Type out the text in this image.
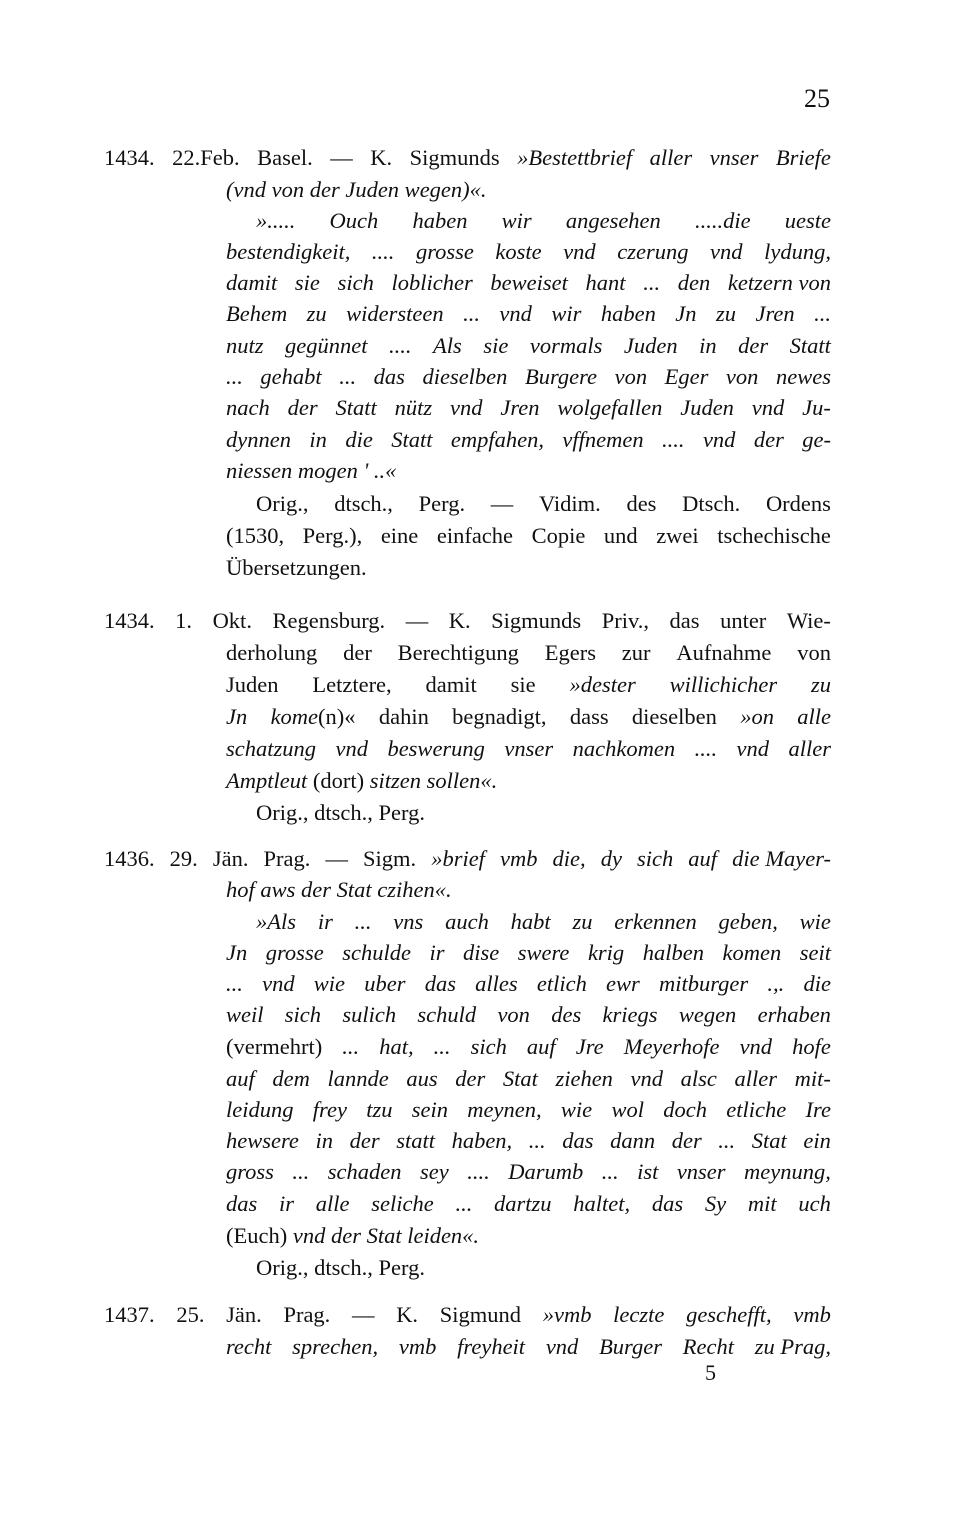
25
1434. 22.Feb. Basel. — K. Sigmunds »Bestettbrief aller vnser Briefe
(vnd von der Juden wegen)«.
»..... Ouch haben wir angesehen .....die ueste
bestendigkeit, .... grosse koste vnd czerung vnd lydung,
damit sie sich loblicher beweiset hant ... den ketzern von
Behem zu widersteen ... vnd wir haben Jn zu Jren ...
nutz gegünnet .... Als sie vormals Juden in der Statt
... gehabt ... das dieselben Burgere von Eger von newes
nach der Statt nütz vnd Jren wolgefallen Juden vnd Ju-
dynnen in die Statt empfahen, vffnemen .... vnd der ge-
niessen mogen ' ..«
Orig., dtsch., Perg. — Vidim. des Dtsch. Ordens
(1530, Perg.), eine einfache Copie und zwei tschechische
Übersetzungen.
1434. 1. Okt. Regensburg. — K. Sigmunds Priv., das unter Wie-
derholung der Berechtigung Egers zur Aufnahme von
Juden Letztere, damit sie »dester willichicher zu
Jn kome(n)« dahin begnadigt, dass dieselben »on alle
schatzung vnd beswerung vnser nachkomen .... vnd aller
Amptleut (dort) sitzen sollen«.
Orig., dtsch., Perg.
1436. 29. Jän. Prag. — Sigm. »brief vmb die, dy sich auf die Mayer-
hof aws der Stat czihen«.
»Als ir ... vns auch habt zu erkennen geben, wie
Jn grosse schulde ir dise swere krig halben komen seit
... vnd wie uber das alles etlich ewr mitburger .,. die
weil sich sulich schuld von des kriegs wegen erhaben
(vermehrt) ... hat, ... sich auf Jre Meyerhofe vnd hofe
auf dem lannde aus der Stat ziehen vnd alsc aller mit-
leidung frey tzu sein meynen, wie wol doch etliche Ire
hewsere in der statt haben, ... das dann der ... Stat ein
gross ... schaden sey .... Darumb ... ist vnser meynung,
das ir alle seliche ... dartzu haltet, das Sy mit uch
(Euch) vnd der Stat leiden«.
Orig., dtsch., Perg.
1437. 25. Jän. Prag. — K. Sigmund »vmb leczte geschefft, vmb
recht sprechen, vmb freyheit vnd Burger Recht zu Prag,
5
